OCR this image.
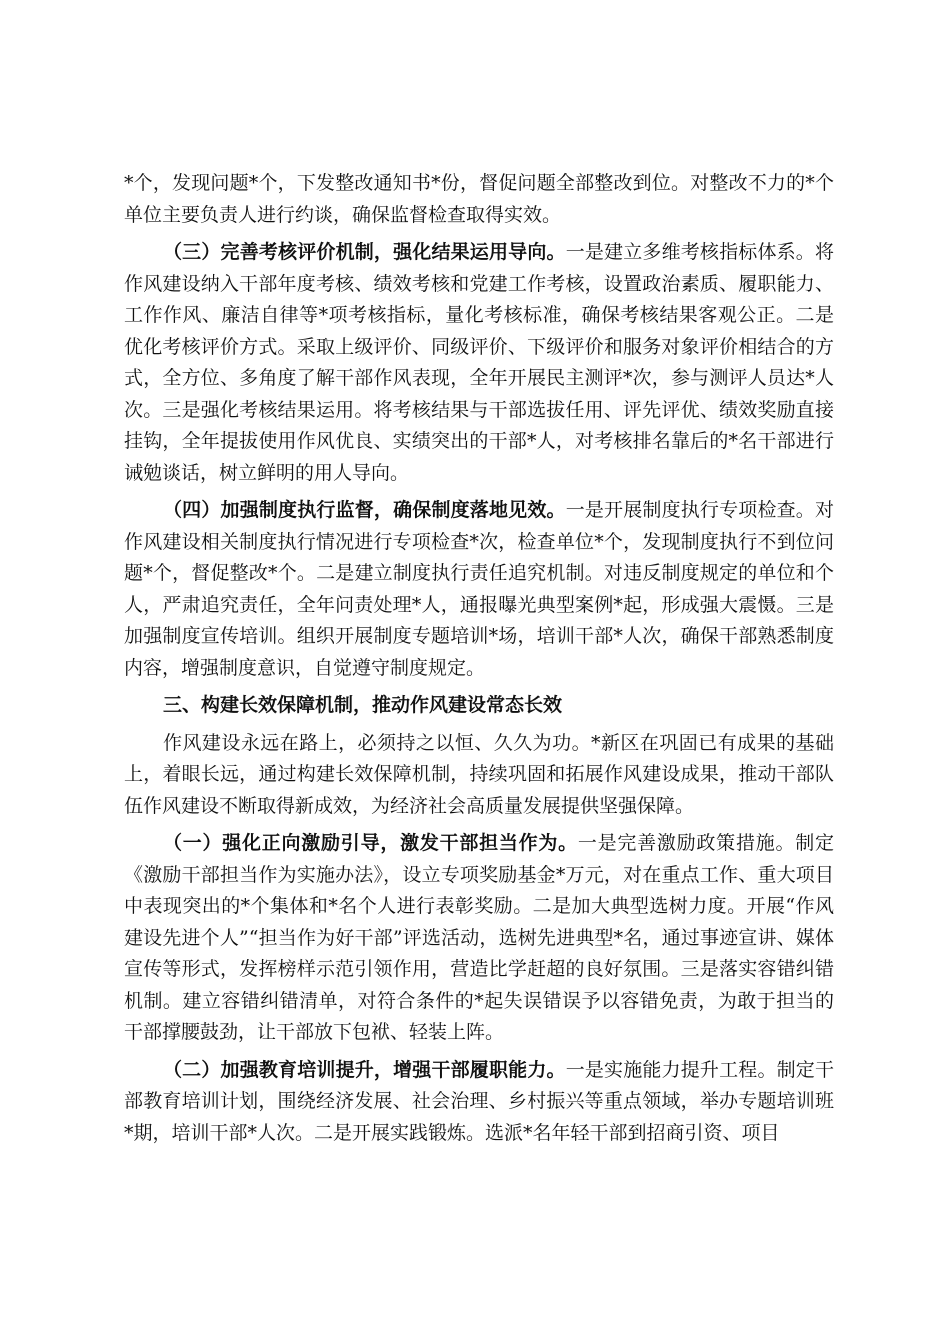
*个，发现问题*个，下发整改通知书*份，督促问题全部整改到位。对整改不力的*个单位主要负责人进行约谈，确保监督检查取得实效。

（三）完善考核评价机制，强化结果运用导向。一是建立多维考核指标体系。将作风建设纳入干部年度考核、绩效考核和党建工作考核，设置政治素质、履职能力、工作作风、廉洁自律等*项考核指标，量化考核标准，确保考核结果客观公正。二是优化考核评价方式。采取上级评价、同级评价、下级评价和服务对象评价相结合的方式，全方位、多角度了解干部作风表现，全年开展民主测评*次，参与测评人员达*人次。三是强化考核结果运用。将考核结果与干部选拔任用、评先评优、绩效奖励直接挂钩，全年提拔使用作风优良、实绩突出的干部*人，对考核排名靠后的*名干部进行诫勉谈话，树立鲜明的用人导向。

（四）加强制度执行监督，确保制度落地见效。一是开展制度执行专项检查。对作风建设相关制度执行情况进行专项检查*次，检查单位*个，发现制度执行不到位问题*个，督促整改*个。二是建立制度执行责任追究机制。对违反制度规定的单位和个人，严肃追究责任，全年问责处理*人，通报曝光典型案例*起，形成强大震慑。三是加强制度宣传培训。组织开展制度专题培训*场，培训干部*人次，确保干部熟悉制度内容，增强制度意识，自觉遵守制度规定。

三、构建长效保障机制，推动作风建设常态长效

作风建设永远在路上，必须持之以恒、久久为功。*新区在巩固已有成果的基础上，着眼长远，通过构建长效保障机制，持续巩固和拓展作风建设成果，推动干部队伍作风建设不断取得新成效，为经济社会高质量发展提供坚强保障。

（一）强化正向激励引导，激发干部担当作为。一是完善激励政策措施。制定《激励干部担当作为实施办法》，设立专项奖励基金*万元，对在重点工作、重大项目中表现突出的*个集体和*名个人进行表彰奖励。二是加大典型选树力度。开展“作风建设先进个人”“担当作为好干部”评选活动，选树先进典型*名，通过事迹宣讲、媒体宣传等形式，发挥榜样示范引领作用，营造比学赶超的良好氛围。三是落实容错纠错机制。建立容错纠错清单，对符合条件的*起失误错误予以容错免责，为敢于担当的干部撑腰鼓劲，让干部放下包袱、轻装上阵。

（二）加强教育培训提升，增强干部履职能力。一是实施能力提升工程。制定干部教育培训计划，围绕经济发展、社会治理、乡村振兴等重点领域，举办专题培训班*期，培训干部*人次。二是开展实践锻炼。选派*名年轻干部到招商引资、项目
